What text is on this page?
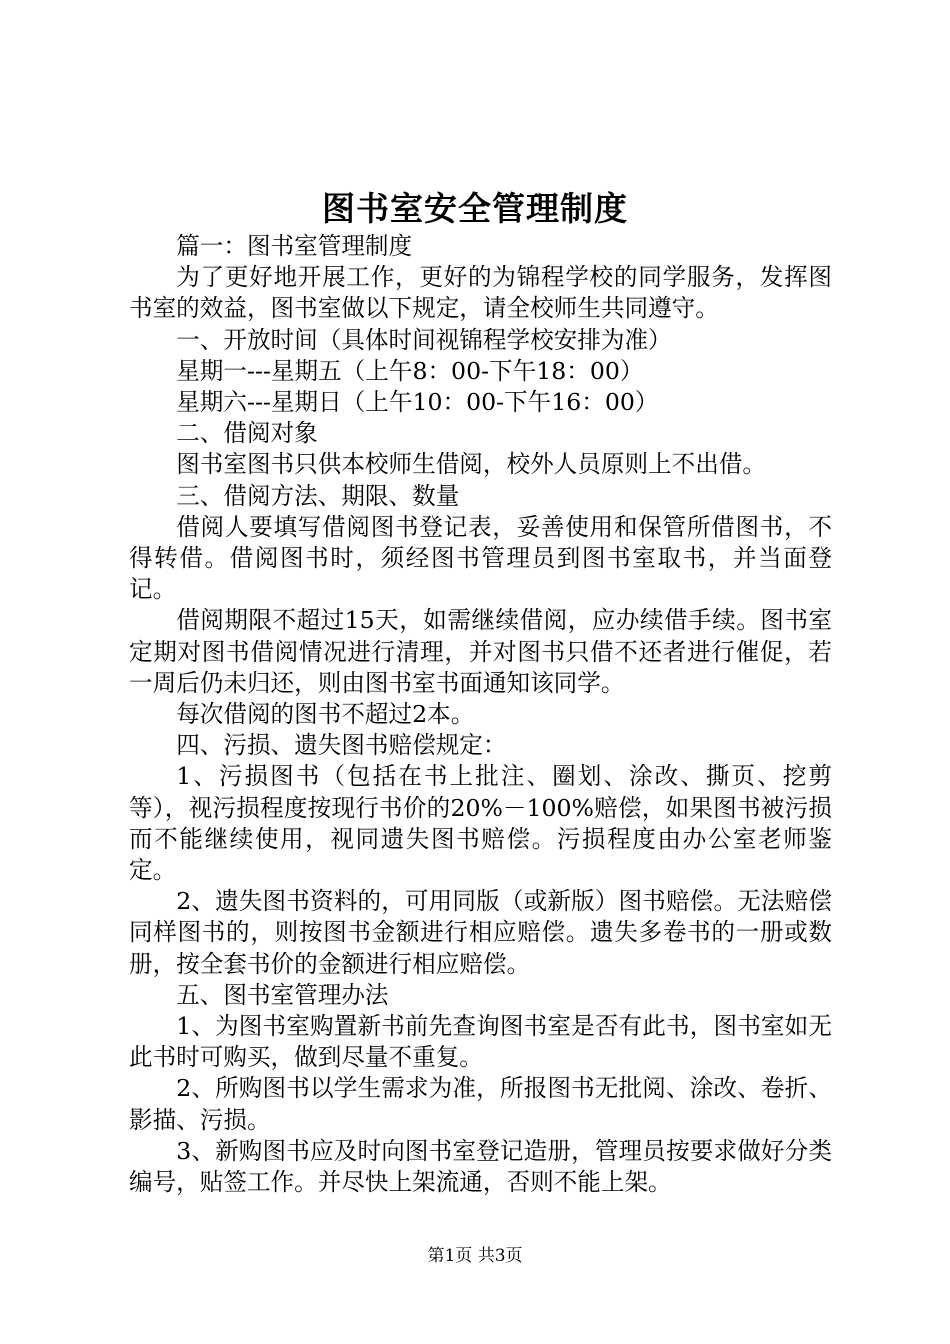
图书室安全管理制度

篇一：图书室管理制度

为了更好地开展工作，更好的为锦程学校的同学服务，发挥图书室的效益，图书室做以下规定，请全校师生共同遵守。

一、开放时间（具体时间视锦程学校安排为准）

星期一---星期五（上午8：00-下午18：00）

星期六---星期日（上午10：00-下午16：00）

二、借阅对象

图书室图书只供本校师生借阅，校外人员原则上不出借。

三、借阅方法、期限、数量

借阅人要填写借阅图书登记表，妥善使用和保管所借图书，不得转借。借阅图书时，须经图书管理员到图书室取书，并当面登记。

借阅期限不超过15天，如需继续借阅，应办续借手续。图书室定期对图书借阅情况进行清理，并对图书只借不还者进行催促，若一周后仍未归还，则由图书室书面通知该同学。

每次借阅的图书不超过2本。

四、污损、遗失图书赔偿规定：

1、污损图书（包括在书上批注、圈划、涂改、撕页、挖剪等），视污损程度按现行书价的20%－100%赔偿，如果图书被污损而不能继续使用，视同遗失图书赔偿。污损程度由办公室老师鉴定。

2、遗失图书资料的，可用同版（或新版）图书赔偿。无法赔偿同样图书的，则按图书金额进行相应赔偿。遗失多卷书的一册或数册，按全套书价的金额进行相应赔偿。

五、图书室管理办法

1、为图书室购置新书前先查询图书室是否有此书，图书室如无此书时可购买，做到尽量不重复。

2、所购图书以学生需求为准，所报图书无批阅、涂改、卷折、影描、污损。

3、新购图书应及时向图书室登记造册，管理员按要求做好分类编号，贴签工作。并尽快上架流通，否则不能上架。

第1页 共3页
